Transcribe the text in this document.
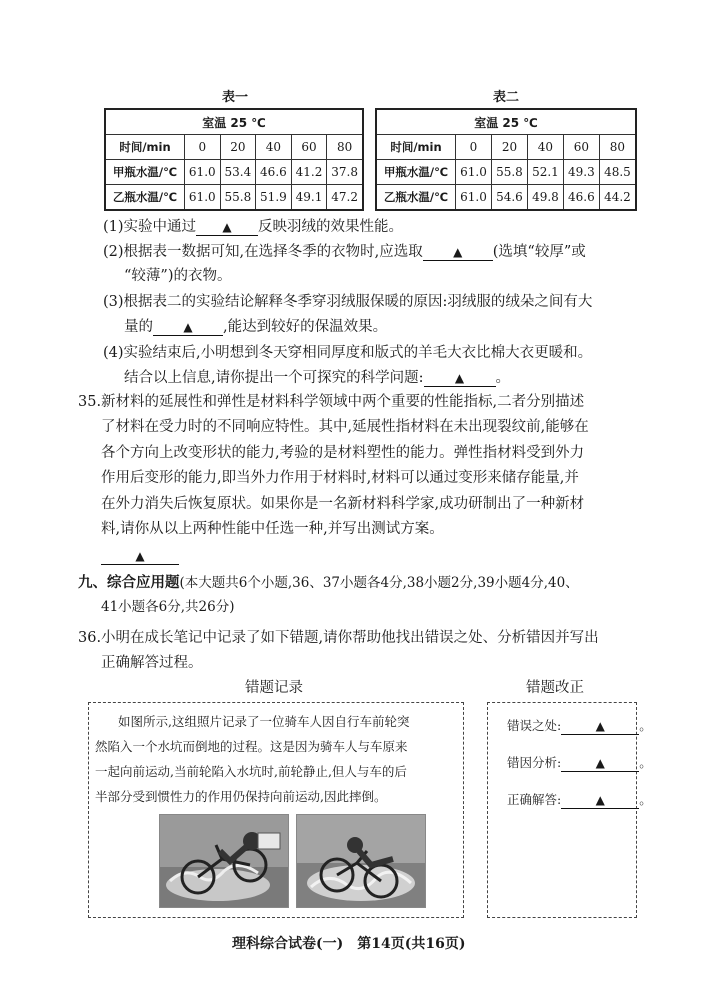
表一	表二
室温 25 ℃					
时间/min	0	20	40	60	80
甲瓶水温/℃	61.0	53.4	46.6	41.2	37.8
乙瓶水温/℃	61.0	55.8	51.9	49.1	47.2
室温 25 ℃					
时间/min	0	20	40	60	80
甲瓶水温/℃	61.0	55.8	52.1	49.3	48.5
乙瓶水温/℃	61.0	54.6	49.8	46.6	44.2
(1)实验中通过 ▲ 反映羽绒的效果性能。
(2)根据表一数据可知,在选择冬季的衣物时,应选取	▲ (选填“较厚”或
“较薄”)的衣物。
(3)根据表二的实验结论解释冬季穿羽绒服保暖的原因:羽绒服的绒朵之间有大
量的	▲ ,能达到较好的保温效果。
(4)实验结束后,小明想到冬天穿相同厚度和版式的羊毛大衣比棉大衣更暖和。
结合以上信息,请你提出一个可探究的科学问题:	▲ 。
35.新材料的延展性和弹性是材料科学领域中两个重要的性能指标,二者分别描述
了材料在受力时的不同响应特性。其中,延展性指材料在未出现裂纹前,能够在
各个方向上改变形状的能力,考验的是材料塑性的能力。弹性指材料受到外力
作用后变形的能力,即当外力作用于材料时,材料可以通过变形来储存能量,并
在外力消失后恢复原状。如果你是一名新材料科学家,成功研制出了一种新材
料,请你从以上两种性能中任选一种,并写出测试方案。
▲
九、综合应用题(本大题共6个小题,36、37小题各4分,38小题2分,39小题4分,40、
41小题各6分,共26分)
36.小明在成长笔记中记录了如下错题,请你帮助他找出错误之处、分析错因并写出
正确解答过程。
错题记录	错题改正
如图所示,这组照片记录了一位骑车人因自行车前轮突
然陷入一个水坑而倒地的过程。这是因为骑车人与车原来
一起向前运动,当前轮陷入水坑时,前轮静止,但人与车的后
半部分受到惯性力的作用仍保持向前运动,因此摔倒。
错误之处:	▲	。
错因分析:	▲	。
正确解答:	▲	。
理科综合试卷(一)　第14页(共16页)
